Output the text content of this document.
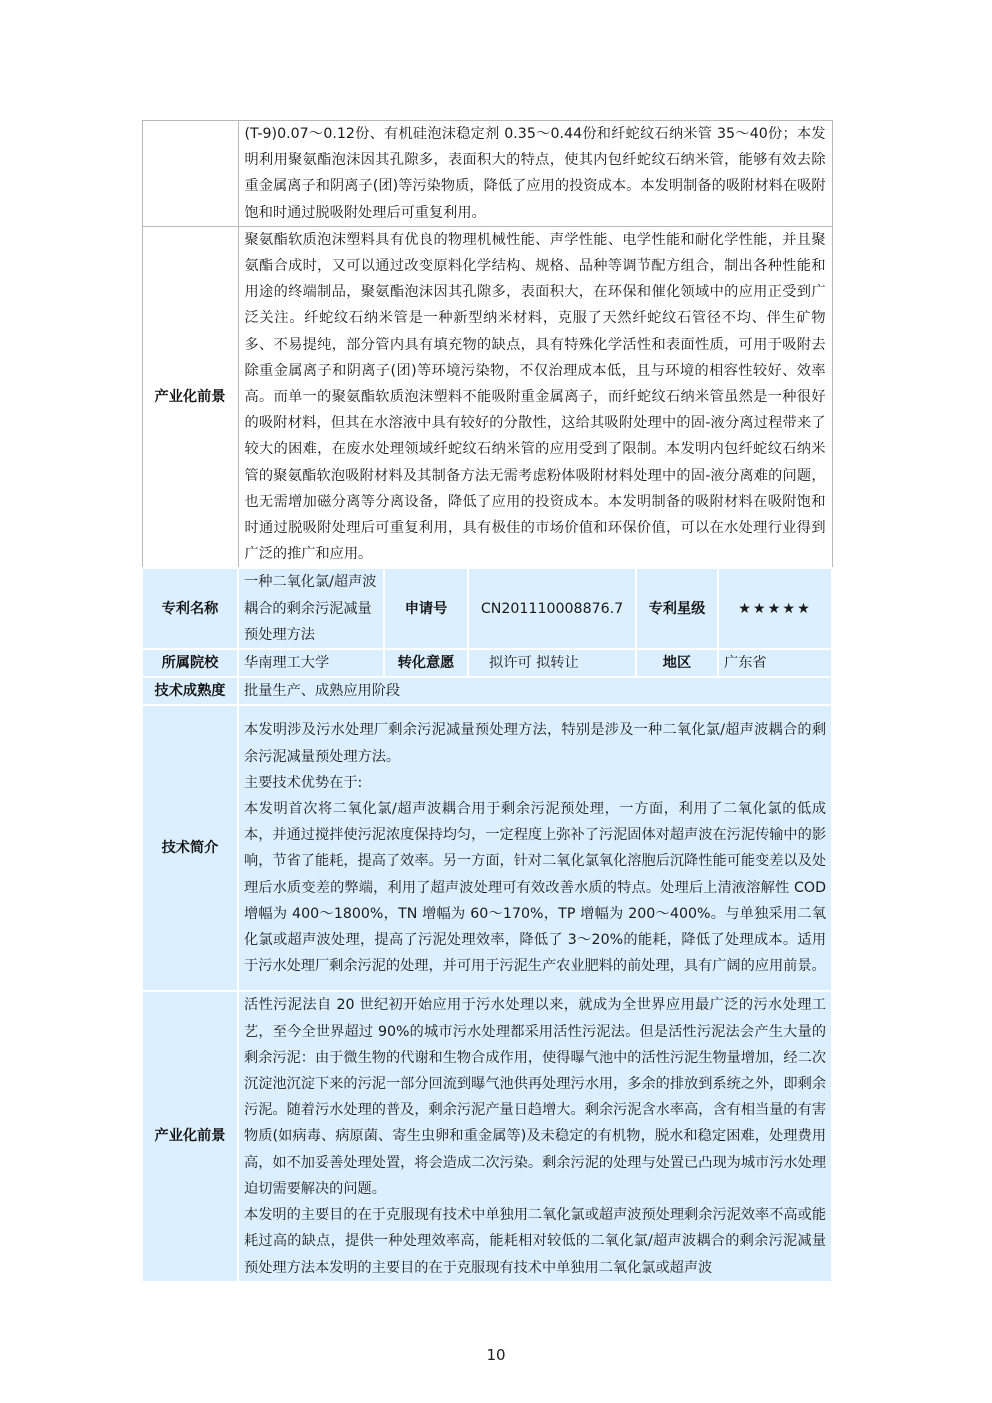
	(T-9)0.07～0.12份、有机硅泡沫稳定剂 0.35～0.44份和纤蛇纹石纳米管 35～40份；本发明利用聚氨酯泡沫因其孔隙多，表面积大的特点，使其内包纤蛇纹石纳米管，能够有效去除重金属离子和阴离子(团)等污染物质，降低了应用的投资成本。本发明制备的吸附材料在吸附饱和时通过脱吸附处理后可重复利用。				
产业化前景	聚氨酯软质泡沫塑料具有优良的物理机械性能、声学性能、电学性能和耐化学性能，并且聚氨酯合成时，又可以通过改变原料化学结构、规格、品种等调节配方组合，制出各种性能和用途的终端制品，聚氨酯泡沫因其孔隙多，表面积大，在环保和催化领域中的应用正受到广泛关注。纤蛇纹石纳米管是一种新型纳米材料，克服了天然纤蛇纹石管径不均、伴生矿物多、不易提纯，部分管内具有填充物的缺点，具有特殊化学活性和表面性质，可用于吸附去除重金属离子和阴离子(团)等环境污染物，不仅治理成本低，且与环境的相容性较好、效率高。而单一的聚氨酯软质泡沫塑料不能吸附重金属离子，而纤蛇纹石纳米管虽然是一种很好的吸附材料，但其在水溶液中具有较好的分散性，这给其吸附处理中的固-液分离过程带来了较大的困难，在废水处理领域纤蛇纹石纳米管的应用受到了限制。本发明内包纤蛇纹石纳米管的聚氨酯软泡吸附材料及其制备方法无需考虑粉体吸附材料处理中的固-液分离难的问题，也无需增加磁分离等分离设备，降低了应用的投资成本。本发明制备的吸附材料在吸附饱和时通过脱吸附处理后可重复利用，具有极佳的市场价值和环保价值，可以在水处理行业得到广泛的推广和应用。				
专利名称	一种二氧化氯/超声波耦合的剩余污泥减量预处理方法	申请号	CN201110008876.7	专利星级	★★★★★
所属院校	华南理工大学	转化意愿	拟许可 拟转让	地区	广东省
技术成熟度	批量生产、成熟应用阶段				
技术简介	本发明涉及污水处理厂剩余污泥减量预处理方法，特别是涉及一种二氧化氯/超声波耦合的剩余污泥减量预处理方法。
主要技术优势在于:
本发明首次将二氧化氯/超声波耦合用于剩余污泥预处理，一方面，利用了二氧化氯的低成本，并通过搅拌使污泥浓度保持均匀，一定程度上弥补了污泥固体对超声波在污泥传输中的影响，节省了能耗，提高了效率。另一方面，针对二氧化氯氧化溶胞后沉降性能可能变差以及处理后水质变差的弊端，利用了超声波处理可有效改善水质的特点。处理后上清液溶解性 COD 增幅为 400～1800%，TN 增幅为 60～170%，TP 增幅为 200～400%。与单独采用二氧化氯或超声波处理，提高了污泥处理效率，降低了 3～20%的能耗，降低了处理成本。适用于污水处理厂剩余污泥的处理，并可用于污泥生产农业肥料的前处理，具有广阔的应用前景。				

产业化前景	活性污泥法自 20 世纪初开始应用于污水处理以来，就成为全世界应用最广泛的污水处理工艺，至今全世界超过 90%的城市污水处理都采用活性污泥法。但是活性污泥法会产生大量的剩余污泥：由于微生物的代谢和生物合成作用，使得曝气池中的活性污泥生物量增加，经二次沉淀池沉淀下来的污泥一部分回流到曝气池供再处理污水用，多余的排放到系统之外，即剩余污泥。随着污水处理的普及，剩余污泥产量日趋增大。剩余污泥含水率高，含有相当量的有害物质(如病毒、病原菌、寄生虫卵和重金属等)及未稳定的有机物，脱水和稳定困难，处理费用高，如不加妥善处理处置，将会造成二次污染。剩余污泥的处理与处置已凸现为城市污水处理迫切需要解决的问题。
本发明的主要目的在于克服现有技术中单独用二氧化氯或超声波预处理剩余污泥效率不高或能耗过高的缺点，提供一种处理效率高，能耗相对较低的二氧化氯/超声波耦合的剩余污泥减量预处理方法本发明的主要目的在于克服现有技术中单独用二氧化氯或超声波				
10
